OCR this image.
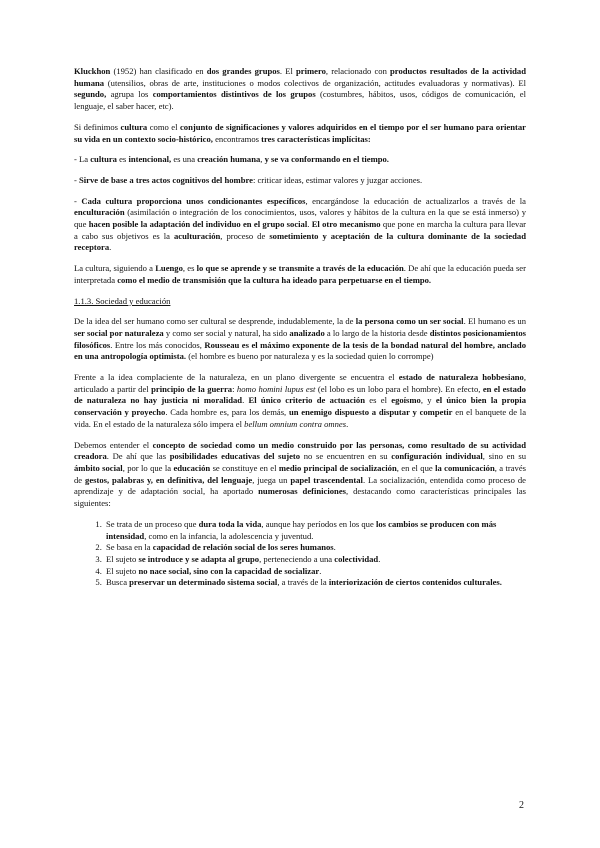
Kluckhon (1952) han clasificado en dos grandes grupos. El primero, relacionado con productos resultados de la actividad humana (utensilios, obras de arte, instituciones o modos colectivos de organización, actitudes evaluadoras y normativas). El segundo, agrupa los comportamientos distintivos de los grupos (costumbres, hábitos, usos, códigos de comunicación, el lenguaje, el saber hacer, etc).

Si definimos cultura como el conjunto de significaciones y valores adquiridos en el tiempo por el ser humano para orientar su vida en un contexto socio-histórico, encontramos tres características implícitas:

- La cultura es intencional, es una creación humana, y se va conformando en el tiempo.

- Sirve de base a tres actos cognitivos del hombre: criticar ideas, estimar valores y juzgar acciones.

- Cada cultura proporciona unos condicionantes específicos, encargándose la educación de actualizarlos a través de la enculturación (asimilación o integración de los conocimientos, usos, valores y hábitos de la cultura en la que se está inmerso) y que hacen posible la adaptación del individuo en el grupo social. El otro mecanismo que pone en marcha la cultura para llevar a cabo sus objetivos es la aculturación, proceso de sometimiento y aceptación de la cultura dominante de la sociedad receptora.

La cultura, siguiendo a Luengo, es lo que se aprende y se transmite a través de la educación. De ahí que la educación pueda ser interpretada como el medio de transmisión que la cultura ha ideado para perpetuarse en el tiempo.

1.1.3. Sociedad y educación

De la idea del ser humano como ser cultural se desprende, indudablemente, la de la persona como un ser social. El humano es un ser social por naturaleza y como ser social y natural, ha sido analizado a lo largo de la historia desde distintos posicionamientos filosóficos. Entre los más conocidos, Rousseau es el máximo exponente de la tesis de la bondad natural del hombre, anclado en una antropología optimista. (el hombre es bueno por naturaleza y es la sociedad quien lo corrompe)

Frente a la idea complaciente de la naturaleza, en un plano divergente se encuentra el estado de naturaleza hobbesiano, articulado a partir del principio de la guerra: homo homini lupus est (el lobo es un lobo para el hombre). En efecto, en el estado de naturaleza no hay justicia ni moralidad. El único criterio de actuación es el egoísmo, y el único bien la propia conservación y proyecho. Cada hombre es, para los demás, un enemigo dispuesto a disputar y competir en el banquete de la vida. En el estado de la naturaleza sólo impera el bellum omnium contra omnes.

Debemos entender el concepto de sociedad como un medio construido por las personas, como resultado de su actividad creadora. De ahí que las posibilidades educativas del sujeto no se encuentren en su configuración individual, sino en su ámbito social, por lo que la educación se constituye en el medio principal de socialización, en el que la comunicación, a través de gestos, palabras y, en definitiva, del lenguaje, juega un papel trascendental. La socialización, entendida como proceso de aprendizaje y de adaptación social, ha aportado numerosas definiciones, destacando como características principales las siguientes:

1. Se trata de un proceso que dura toda la vida, aunque hay períodos en los que los cambios se producen con más intensidad, como en la infancia, la adolescencia y juventud.
2. Se basa en la capacidad de relación social de los seres humanos.
3. El sujeto se introduce y se adapta al grupo, perteneciendo a una colectividad.
4. El sujeto no nace social, sino con la capacidad de socializar.
5. Busca preservar un determinado sistema social, a través de la interiorización de ciertos contenidos culturales.
2
